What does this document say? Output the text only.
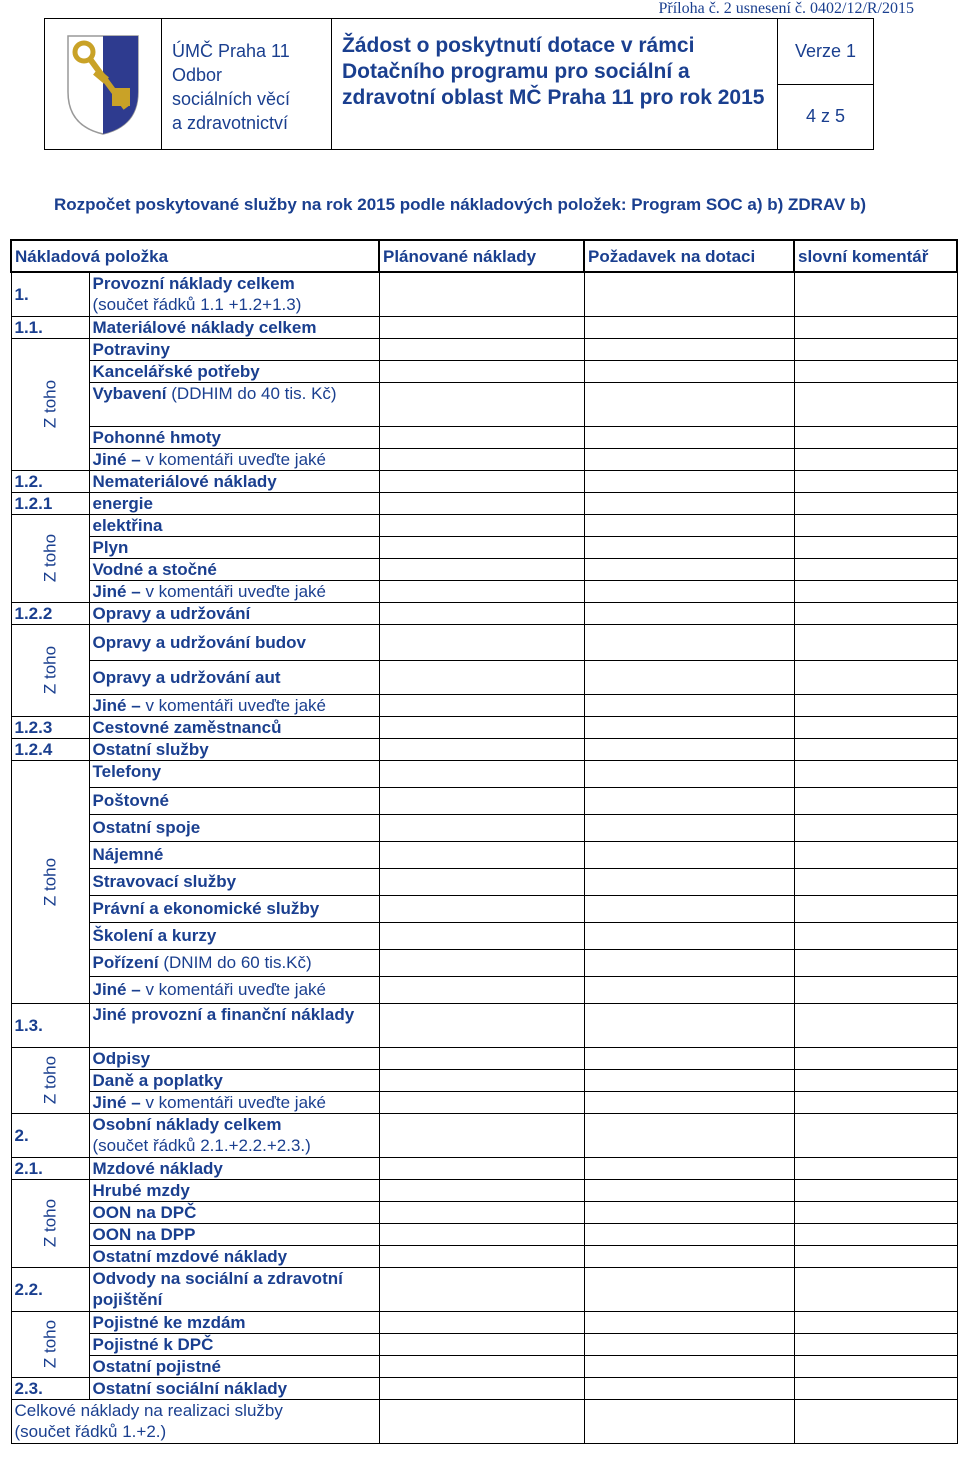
Příloha č. 2 usnesení č. 0402/12/R/2015
ÚMČ Praha 11
Odbor
sociálních věcí
a zdravotnictví
Žádost o poskytnutí dotace v rámci Dotačního programu pro sociální a zdravotní oblast MČ Praha 11 pro rok 2015
Verze 1
4 z 5
Rozpočet poskytované služby na rok 2015 podle nákladových položek: Program SOC a) b) ZDRAV b)
Nákladová položka		Plánované náklady	Požadavek na dotaci	slovní komentář
1.	Provozní náklady celkem
(součet řádků 1.1 +1.2+1.3)			
1.1.	Materiálové náklady celkem			

Z toho	Potraviny			
	Kancelářské potřeby			
	Vybavení (DDHIM do 40 tis. Kč)			
	Pohonné hmoty			
	Jiné – v komentáři uveďte jaké			
1.2.	Nemateriálové náklady			
1.2.1	energie			

Z toho	elektřina			
	Plyn			
	Vodné a stočné			
	Jiné – v komentáři uveďte jaké			
1.2.2	Opravy a udržování			

Z toho	Opravy a udržování budov			
	Opravy a udržování aut			
	Jiné – v komentáři uveďte jaké			
1.2.3	Cestovné zaměstnanců			
1.2.4	Ostatní služby			

Z toho	Telefony			
	Poštovné			
	Ostatní spoje			
	Nájemné			
	Stravovací služby			
	Právní a ekonomické služby			
	Školení a kurzy			
	Pořízení (DNIM do 60 tis.Kč)			
	Jiné – v komentáři uveďte jaké			
1.3.	Jiné provozní a finanční náklady			

Z toho	Odpisy			
	Daně a poplatky			
	Jiné – v komentáři uveďte jaké			
2.	Osobní náklady celkem
(součet řádků 2.1.+2.2.+2.3.)			
2.1.	Mzdové náklady			

Z toho	Hrubé mzdy			
	OON na DPČ			
	OON na DPP			
	Ostatní mzdové náklady			
2.2.	Odvody na sociální a zdravotní pojištění			

Z toho	Pojistné ke mzdám			
	Pojistné k DPČ			
	Ostatní pojistné			
2.3.	Ostatní sociální náklady			
Celkové náklady na realizaci služby
(součet řádků 1.+2.)				
